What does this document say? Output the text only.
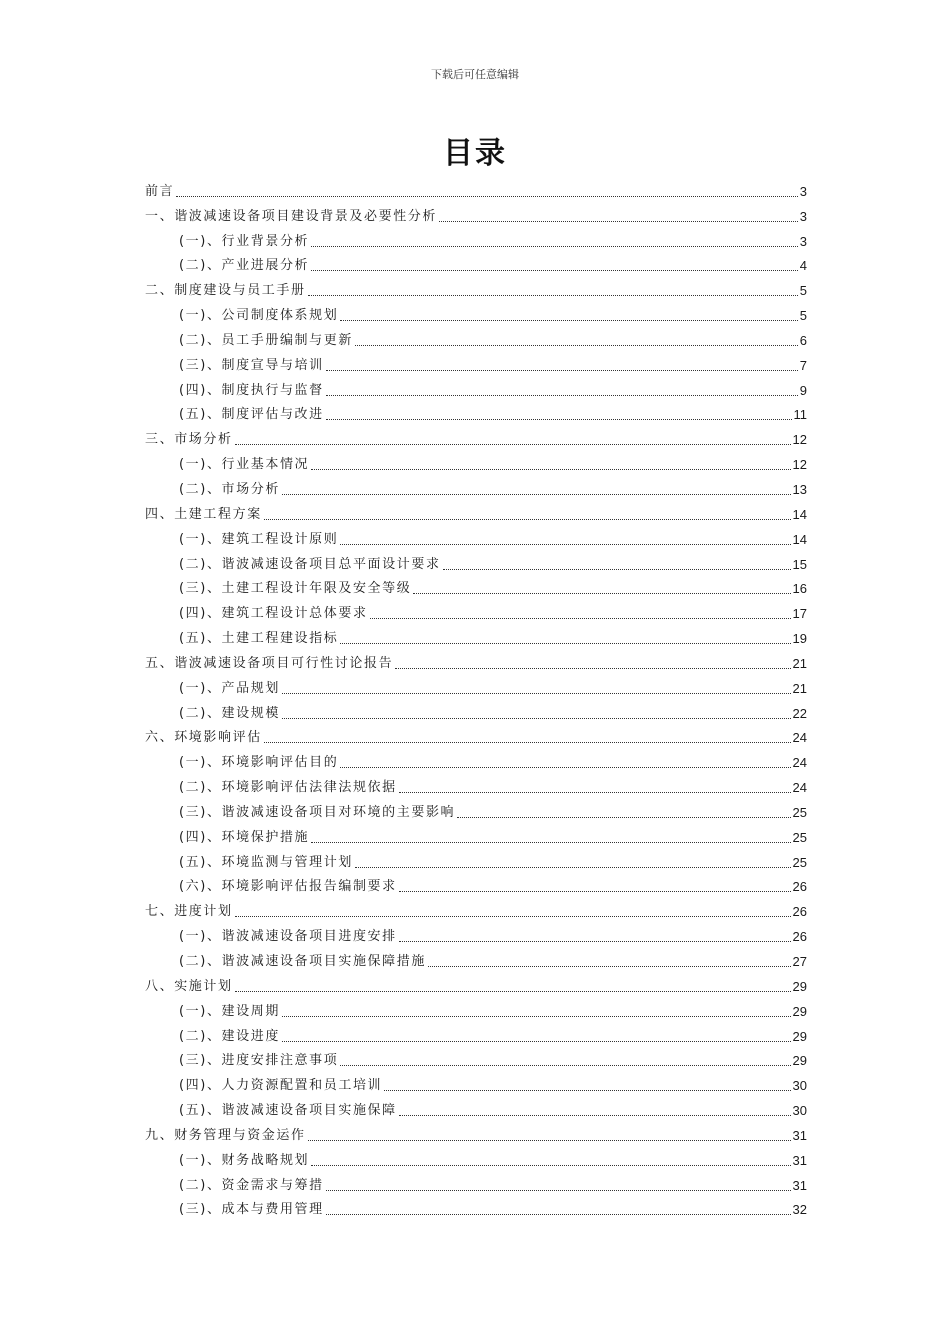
下载后可任意编辑
目录
前言	3
一、谐波减速设备项目建设背景及必要性分析	3
(一)、行业背景分析	3
(二)、产业进展分析	4
二、制度建设与员工手册	5
(一)、公司制度体系规划	5
(二)、员工手册编制与更新	6
(三)、制度宣导与培训	7
(四)、制度执行与监督	9
(五)、制度评估与改进	11
三、市场分析	12
(一)、行业基本情况	12
(二)、市场分析	13
四、土建工程方案	14
(一)、建筑工程设计原则	14
(二)、谐波减速设备项目总平面设计要求	15
(三)、土建工程设计年限及安全等级	16
(四)、建筑工程设计总体要求	17
(五)、土建工程建设指标	19
五、谐波减速设备项目可行性讨论报告	21
(一)、产品规划	21
(二)、建设规模	22
六、环境影响评估	24
(一)、环境影响评估目的	24
(二)、环境影响评估法律法规依据	24
(三)、谐波减速设备项目对环境的主要影响	25
(四)、环境保护措施	25
(五)、环境监测与管理计划	25
(六)、环境影响评估报告编制要求	26
七、进度计划	26
(一)、谐波减速设备项目进度安排	26
(二)、谐波减速设备项目实施保障措施	27
八、实施计划	29
(一)、建设周期	29
(二)、建设进度	29
(三)、进度安排注意事项	29
(四)、人力资源配置和员工培训	30
(五)、谐波减速设备项目实施保障	30
九、财务管理与资金运作	31
(一)、财务战略规划	31
(二)、资金需求与筹措	31
(三)、成本与费用管理	32
